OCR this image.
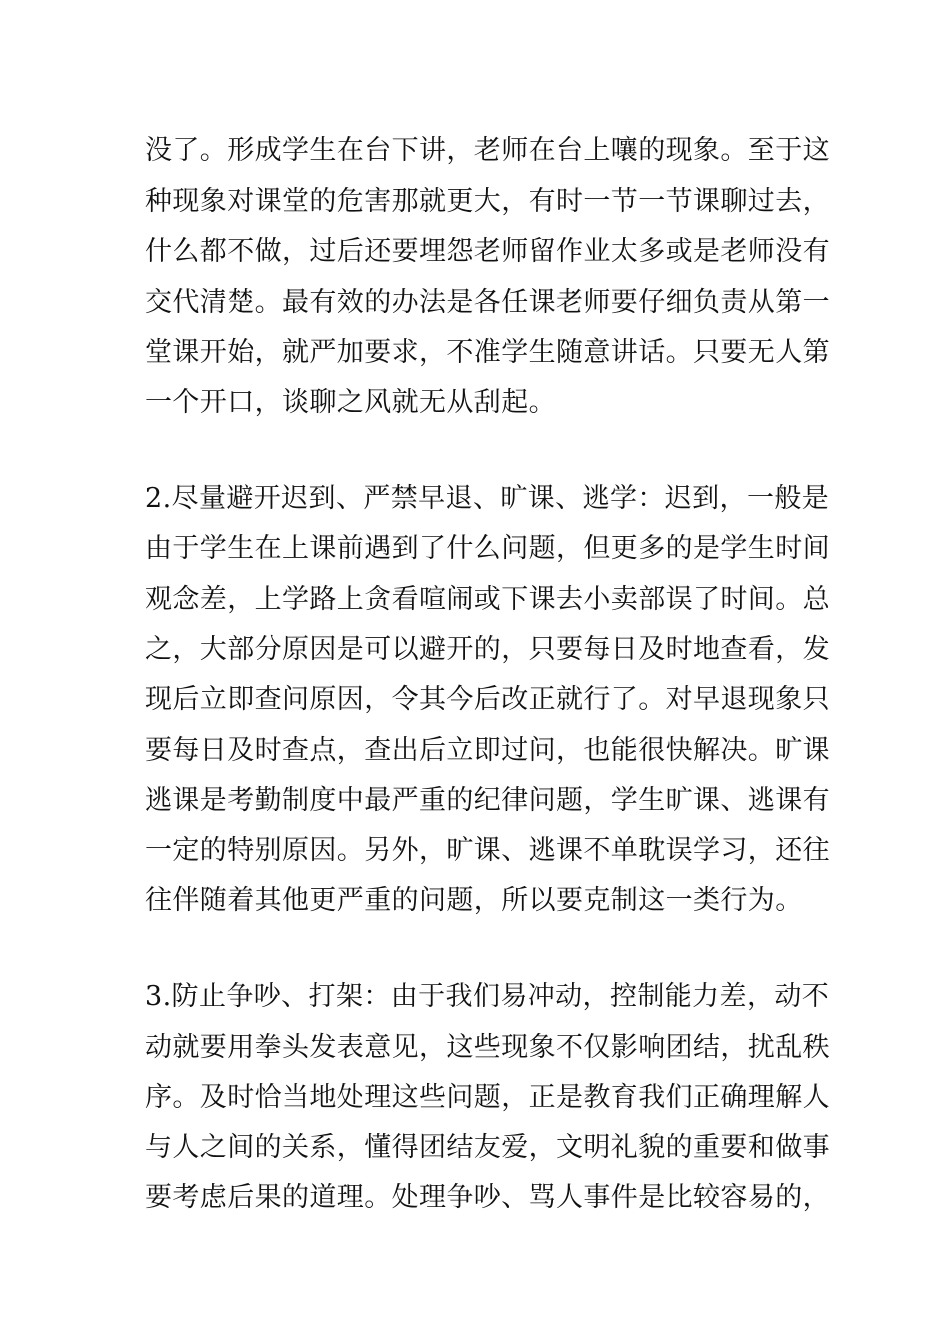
没了。形成学生在台下讲，老师在台上嚷的现象。至于这
种现象对课堂的危害那就更大，有时一节一节课聊过去，
什么都不做，过后还要埋怨老师留作业太多或是老师没有
交代清楚。最有效的办法是各任课老师要仔细负责从第一
堂课开始，就严加要求，不准学生随意讲话。只要无人第
一个开口，谈聊之风就无从刮起。
2.尽量避开迟到、严禁早退、旷课、逃学：迟到，一般是
由于学生在上课前遇到了什么问题，但更多的是学生时间
观念差，上学路上贪看喧闹或下课去小卖部误了时间。总
之，大部分原因是可以避开的，只要每日及时地查看，发
现后立即查问原因，令其今后改正就行了。对早退现象只
要每日及时查点，查出后立即过问，也能很快解决。旷课
逃课是考勤制度中最严重的纪律问题，学生旷课、逃课有
一定的特别原因。另外，旷课、逃课不单耽误学习，还往
往伴随着其他更严重的问题，所以要克制这一类行为。
3.防止争吵、打架：由于我们易冲动，控制能力差，动不
动就要用拳头发表意见，这些现象不仅影响团结，扰乱秩
序。及时恰当地处理这些问题，正是教育我们正确理解人
与人之间的关系，懂得团结友爱，文明礼貌的重要和做事
要考虑后果的道理。处理争吵、骂人事件是比较容易的，
